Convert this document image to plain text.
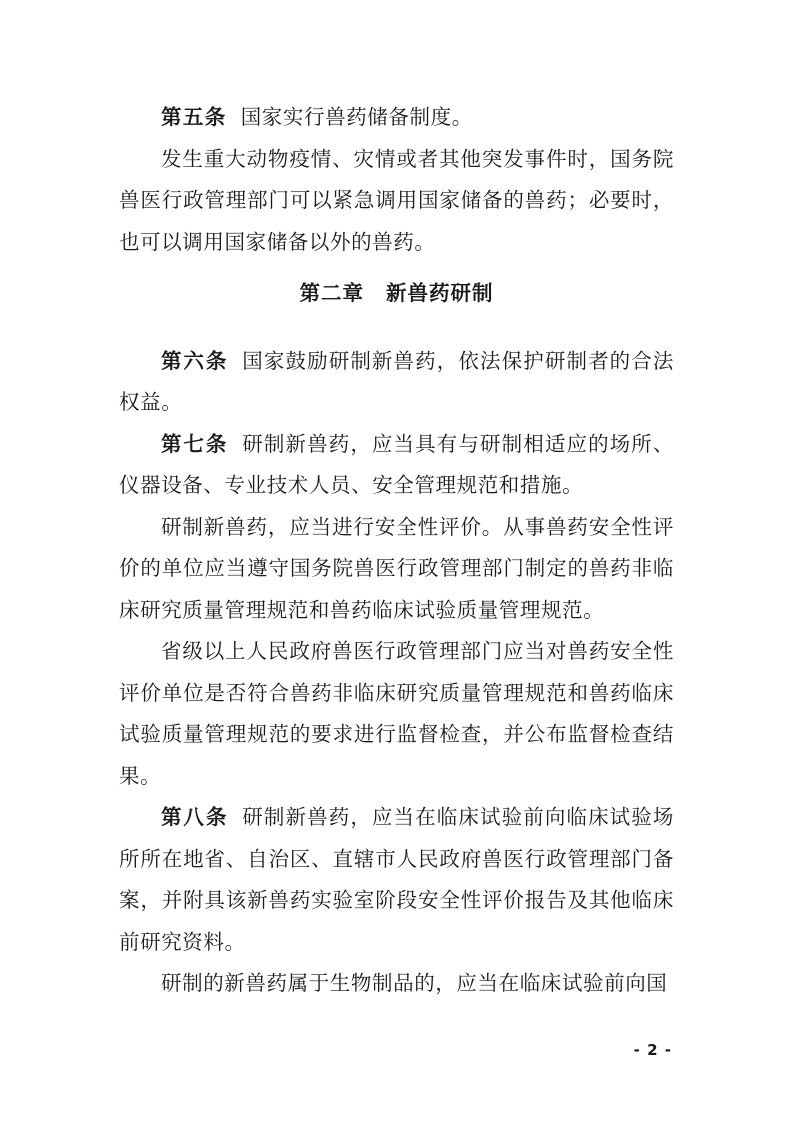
第五条 国家实行兽药储备制度。

发生重大动物疫情、灾情或者其他突发事件时，国务院兽医行政管理部门可以紧急调用国家储备的兽药；必要时，也可以调用国家储备以外的兽药。

第二章 新兽药研制

第六条 国家鼓励研制新兽药，依法保护研制者的合法权益。

第七条 研制新兽药，应当具有与研制相适应的场所、仪器设备、专业技术人员、安全管理规范和措施。

研制新兽药，应当进行安全性评价。从事兽药安全性评价的单位应当遵守国务院兽医行政管理部门制定的兽药非临床研究质量管理规范和兽药临床试验质量管理规范。

省级以上人民政府兽医行政管理部门应当对兽药安全性评价单位是否符合兽药非临床研究质量管理规范和兽药临床试验质量管理规范的要求进行监督检查，并公布监督检查结果。

第八条 研制新兽药，应当在临床试验前向临床试验场所所在地省、自治区、直辖市人民政府兽医行政管理部门备案，并附具该新兽药实验室阶段安全性评价报告及其他临床前研究资料。

研制的新兽药属于生物制品的，应当在临床试验前向国

- 2 -
